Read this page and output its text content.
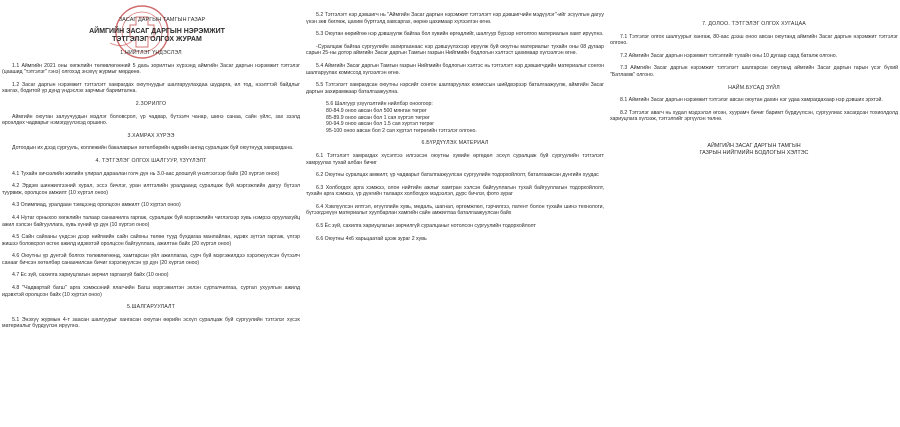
ЗАСАГ ДАРГЫН ТАМГЫН ГАЗАР
АЙМГИЙН ЗАСАГ ДАРГЫН НЭРЭМЖИТ
ТЭТГЭЛЭГ ОЛГОХ ЖУРАМ
1.НИЙТЛЭГ ҮНДЭСЛЭЛ

1.1 Аймгийн 2021 оны хөгжлийн төлөвлөгөөний 5 дахь зорилтын хүрээнд аймгийн Засаг даргын нэрэмжит тэтгэлэг (цаашид "тэтгэлэг" гэнэ) олгохэд энэхүү журмыг мөрдөнө.

1.2 Засаг даргын нэрэмжит тэтгэлэгт хамрагдах оюутнуудыг шалгаруулахдаа шударга, ил тод, нээлттэй байдлыг хангах, бодитой үр дүнд үндэслэх зарчмыг баримтална.

2.ЗОРИЛГО

Аймгийн оюутан залуучуудын мэдлэг боловсрол, үр чадвар, бүтээлч чанар, шинэ санаа, сайн үйлс, зах зээлд өрсөлдөх чадварыг нэмэгдүүлэхэд оршино.

3.ХАМРАХ ХҮРЭЭ

Дотоодын их дээд сургууль, коллежийн бакалаврын хөтөлбөрийн өдрийн ангид суралцаж буй оюутнууд хамрагдана.

4. ТЭТГЭЛЭГ ОЛГОХ ШАЛГУУР, ҮЗҮҮЛЭЛТ

4.1 Тухайн хичээлийн жилийн үлирал дараалан голч дүн нь 3.0-аас доошгүй үнэлгээгээр байх (20 хүртэл оноо)

4.2 Эрдэм шинжилгээний хурал, эссэ бичлэг, уран илтгэлийн уралдаанд суралцаж буй мэргэжлийн дагуу бүтээл туурвиж, оролцсон амжилт (10 хүртэл оноо)

4.3 Олимпиад, уралдаан тэмцээнд оролцсон амжилт (10 хүртэл оноо)

4.4 Нутаг орныхоо хөгжлийн талаар санаачилга гаргаж, суралцаж буй мэргэжлийн чиглэлээр хувь нэмрээ оруулахуйц ажил хэлсэн байгууллага, хувь хүний үр дүн (10 хүртэл оноо)

4.5 Сайн сайханы үндсэн дээр нийгмийн сайн сайхны төлөө тууд бүхдагаа манлайлан, идэвх зүтгэл гаргаж, үлгэр жишээ боловсрол өсгөх ажилд идэвхтэй оролцсон байгууллага, ажилтан байх (20 хүртэл оноо)

4.6 Оюутны үр дүнтэй болгох төлөвлөгөөнд, хамтарсан үйл ажиллагаа, сурч буй мэргэжилдээ хэрэгжүүлсэн бүтээлч санааг бичсэн хөтөлбөр санаачилсан бичиг хэрэгжүүлсэн үр дүн (20 хүртэл оноо)

4.7 Ес зүй, сахилга хариуцлагын зөрчил гаргаагүй байх (10 оноо)

4.8 "Чадвартай багш" арга хэмжээний ялагчийн Багш мэргэжилтэн эхлэн сурталчилгаа, суртал ухуулгын ажилд идэвхтэй оролцсон байх (10 хүртэл оноо)

5.ШАЛГАРУУЛАЛТ

5.1 Энэхүү журмын 4-т заасан шалгуурыг хангасан оюутан өөрийн эсхүл суралцаж буй сургуулийн тэтгэлэг хүсэх материалыг бүрдүүлэн ирүүлнэ.

5.2 Тэтгэлэгт нэр дэвшигч нь "Аймгийн Засаг даргын нэрэмжит тэтгэлэгт нэр дэвшигчийн мэдүүлэг"-ийг эсүүлгын дагуу үнэн зөв бөглөж, цахим бүртгэлд хавсаргах, өөрөө цахимаар хүлээлгэн өгнө.

5.3 Оюутан өөрийгөө нэр дэвшүүлж байгаа бол хувийн өргөдлийг, шалгуур бүрээр нотолгоо материалын хамт ирүүлнэ.

-Суралцаж байгаа сургуулийн захиргаанаас нэр дэвшүүлэхээр ирүүлж буй оюутны материалыг тухайн оны 08 дугаар сарын 25-ны дотор аймгийн Засаг даргын Тамгын газрын Нийгмийн бодлогын хэлтэст цахимаар хүлээлгэн өгнө.

5.4 Аймгийн Засаг даргын Тамгын газрын Нийгмийн бодлогын хэлтэс нь тэтгэлэгт нэр дэвшигчдийн материалыг сонгон шалгаруулах комиссод хүлээлгэн өгнө.

5.5 Тэтгэлэгт хамрагдсан оюутны нэрсийг сонгон шалгаруулах комиссын шийдвэрээр баталгаажуулж, аймгийн Засаг даргын захирамжаар баталгаажуулна.

5.6 Шалгуур үзүүлэлтийн нийлбэр оноогоор:
80-84.9 оноо авсан бол 500 мянган төгрөг
85-89.9 оноо авсан бол 1 сая хүртэл төгрөг
90-94.9 оноо авсан бол 1.5 сая хүртэл төгрөг
95-100 оноо авсан бол 2 сая хүртэл төгрөгийн тэтгэлэг олгоно.
6.БҮРДҮҮЛЭХ МАТЕРИАЛ

6.1 Тэтгэлэгт хамрагдах хүсэлтээ илгээсэн оюутны хувийн өргөдөл эсхүл суралцаж буй сургуулийн тэтгэлэгт хамруулах тухай албан бичиг

6.2 Оюутны суралцах амжилт, үр чадварыг баталгаажуулсан сургуулийн тодорхойлолт, баталгаажсан дүнгийн хуудас

6.3 Холбогдох арга хэмжээ, олон нийтийн ажлыг хамтран хэлсэн байгууллагын тухай байгууллагын тодорхойлолт, тухайн арга хэмжээ, үр дүнгийн талаарх холбогдох мэдээлэл, дурс бичлэг, фото зураг

6.4 Хэвлүүлсэн илтгэл, өгүүллийн хувь, медаль, шагнал, өргөмжлөл, гэрчилгээ, патент болон тухайн шинэ технологи, бүтээгдэхүүн материалыг хуулбарлан хамгийн сайн амжилтаа баталгаажуулсан байх

6.5 Ёс зүй, сахилга хариуцлагын зөрчилгүй суралцаныг нотолсон сургуулийн тодорхойлолт

6.6 Оюутны 4х6 харьцаатай цээж зураг 2 хувь

7. ДОЛОО. ТЭТГЭЛЭГ ОЛГОХ ХУГАЦАА

7.1 Тэтгэлэг олгох шалгуурыг хангаж, 80-аас дээш оноо авсан оюутанд аймгийн Засаг даргын нэрэмжит тэтгэлэг олгоно.

7.2 Аймгийн Засаг даргын нэрэмжит тэтгэлгийг тухайн оны 10 дугаар сард баталж олгоно.

7.3 Аймгийн Засаг даргын нэрэмжит тэтгэлэгт шалгарсан оюутанд аймгийн Засаг даргын гарын үсэг бүхий "Батламж" олгоно.

НАЙМ.БУСАД ЗҮЙЛ

8.1 Аймгийн Засаг даргын нэрэмжит тэтгэлэг авсан оюутан дахин нэг удаа хамрагдахаар нэр дэвших эрхтэй.

8.2 Тэтгэлэг авагч нь худал мэдээлэл өгсөн, хуурамч бичиг баримт бүрдүүлсэн, сургуулиас хасагдсан тохиолдолд хариуцлага хүлээж, тэтгэлгийг эргүүлэн төлнө.

АЙМГИЙН ЗАСАГ ДАРГЫН ТАМГЫН
ГАЗРЫН НИЙГМИЙН БОДЛОГЫН ХЭЛТЭС
